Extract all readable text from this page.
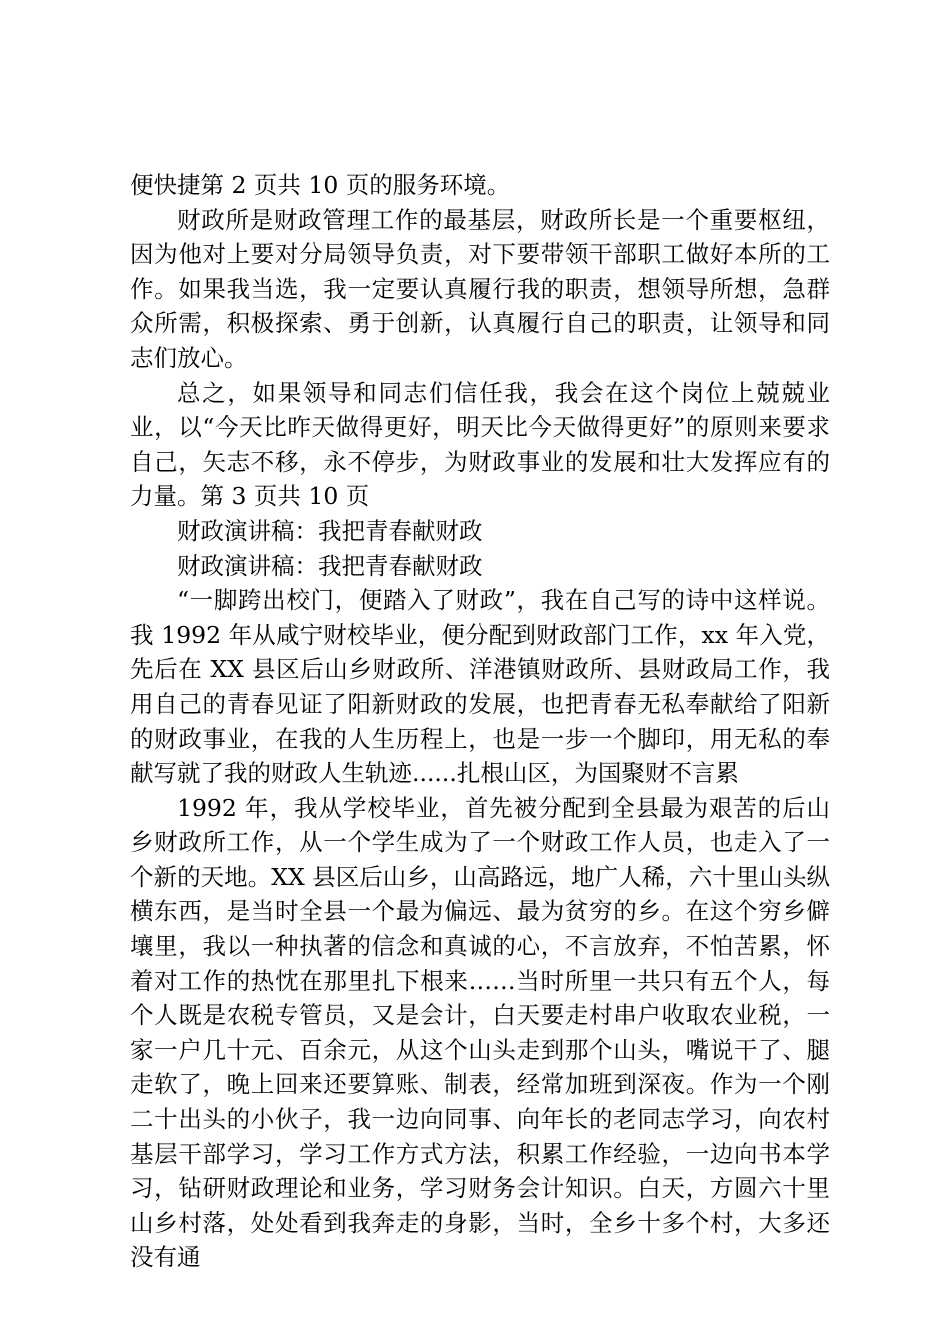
便快捷第 2 页共 10 页的服务环境。

财政所是财政管理工作的最基层，财政所长是一个重要枢纽，因为他对上要对分局领导负责，对下要带领干部职工做好本所的工作。如果我当选，我一定要认真履行我的职责，想领导所想，急群众所需，积极探索、勇于创新，认真履行自己的职责，让领导和同志们放心。

总之，如果领导和同志们信任我，我会在这个岗位上兢兢业业，以“今天比昨天做得更好，明天比今天做得更好”的原则来要求自己，矢志不移，永不停步，为财政事业的发展和壮大发挥应有的力量。第 3 页共 10 页

财政演讲稿：我把青春献财政

财政演讲稿：我把青春献财政

“一脚跨出校门，便踏入了财政”，我在自己写的诗中这样说。我 1992 年从咸宁财校毕业，便分配到财政部门工作，xx 年入党，先后在 XX 县区后山乡财政所、洋港镇财政所、县财政局工作，我用自己的青春见证了阳新财政的发展，也把青春无私奉献给了阳新的财政事业，在我的人生历程上，也是一步一个脚印，用无私的奉献写就了我的财政人生轨迹......扎根山区，为国聚财不言累

1992 年，我从学校毕业，首先被分配到全县最为艰苦的后山乡财政所工作，从一个学生成为了一个财政工作人员，也走入了一个新的天地。XX 县区后山乡，山高路远，地广人稀，六十里山头纵横东西，是当时全县一个最为偏远、最为贫穷的乡。在这个穷乡僻壤里，我以一种执著的信念和真诚的心，不言放弃，不怕苦累，怀着对工作的热忱在那里扎下根来……当时所里一共只有五个人，每个人既是农税专管员，又是会计，白天要走村串户收取农业税，一家一户几十元、百余元，从这个山头走到那个山头，嘴说干了、腿走软了，晚上回来还要算账、制表，经常加班到深夜。作为一个刚二十出头的小伙子，我一边向同事、向年长的老同志学习，向农村基层干部学习，学习工作方式方法，积累工作经验，一边向书本学习，钻研财政理论和业务，学习财务会计知识。白天，方圆六十里山乡村落，处处看到我奔走的身影，当时，全乡十多个村，大多还没有通
